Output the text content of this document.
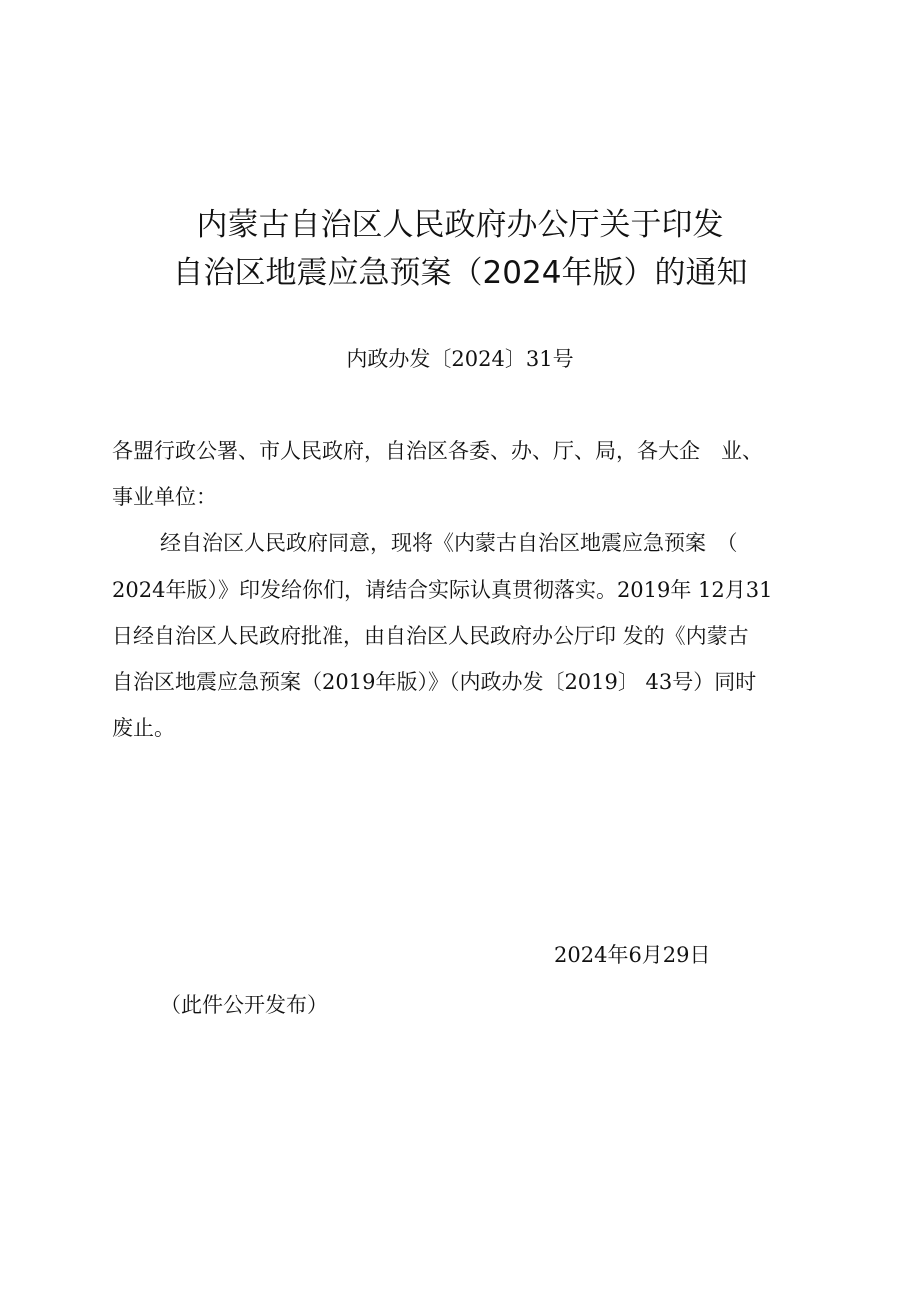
内蒙古自治区人民政府办公厅关于印发
自治区地震应急预案（2024年版）的通知
内政办发〔2024〕31号
各盟行政公署、市人民政府，自治区各委、办、厅、局，各大企　业、
事业单位：
经自治区人民政府同意，现将《内蒙古自治区地震应急预案　（
2024年版）》印发给你们，请结合实际认真贯彻落实。2019年 12月31
日经自治区人民政府批准，由自治区人民政府办公厅印 发的《内蒙古
自治区地震应急预案（2019年版）》（内政办发〔2019〕 43号）同时
废止。
2024年6月29日
（此件公开发布）
